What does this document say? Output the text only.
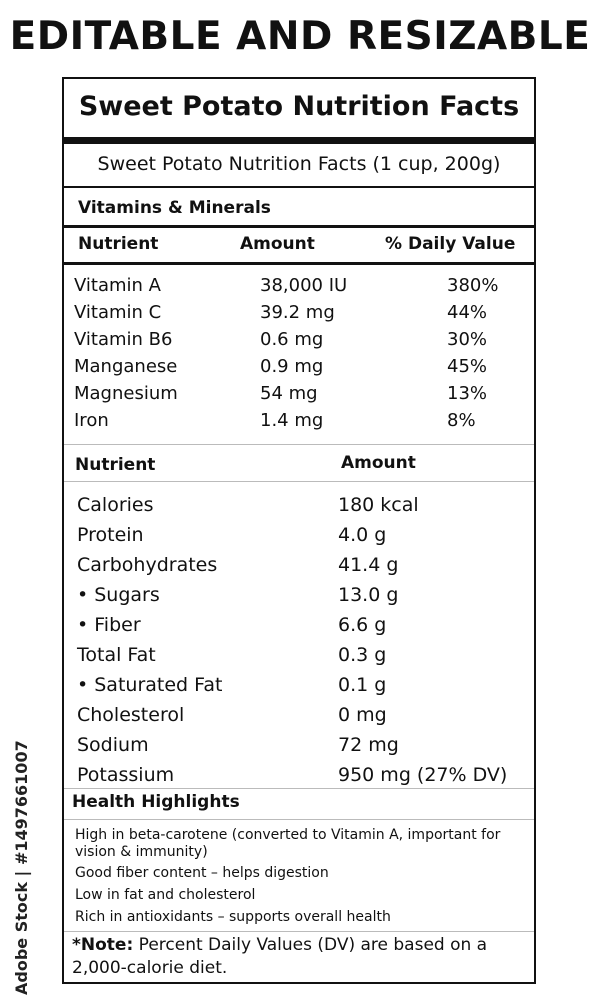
EDITABLE AND RESIZABLE
Sweet Potato Nutrition Facts
Sweet Potato Nutrition Facts (1 cup, 200g)
Vitamins & Minerals
Nutrient	Amount	% Daily Value
Vitamin A	38,000 IU	380%
Vitamin C	39.2 mg	44%
Vitamin B6	0.6 mg	30%
Manganese	0.9 mg	45%
Magnesium	54 mg	13%
Iron	1.4 mg	8%
Nutrient	Amount
Calories	180 kcal
Protein	4.0 g
Carbohydrates	41.4 g
• Sugars	13.0 g
• Fiber	6.6 g
Total Fat	0.3 g
• Saturated Fat	0.1 g
Cholesterol	0 mg
Sodium	72 mg
Potassium	950 mg (27% DV)
Health Highlights
High in beta-carotene (converted to Vitamin A, important for vision & immunity)
Good fiber content – helps digestion
Low in fat and cholesterol
Rich in antioxidants – supports overall health
*Note: Percent Daily Values (DV) are based on a 2,000-calorie diet.
Adobe Stock | #1497661007
